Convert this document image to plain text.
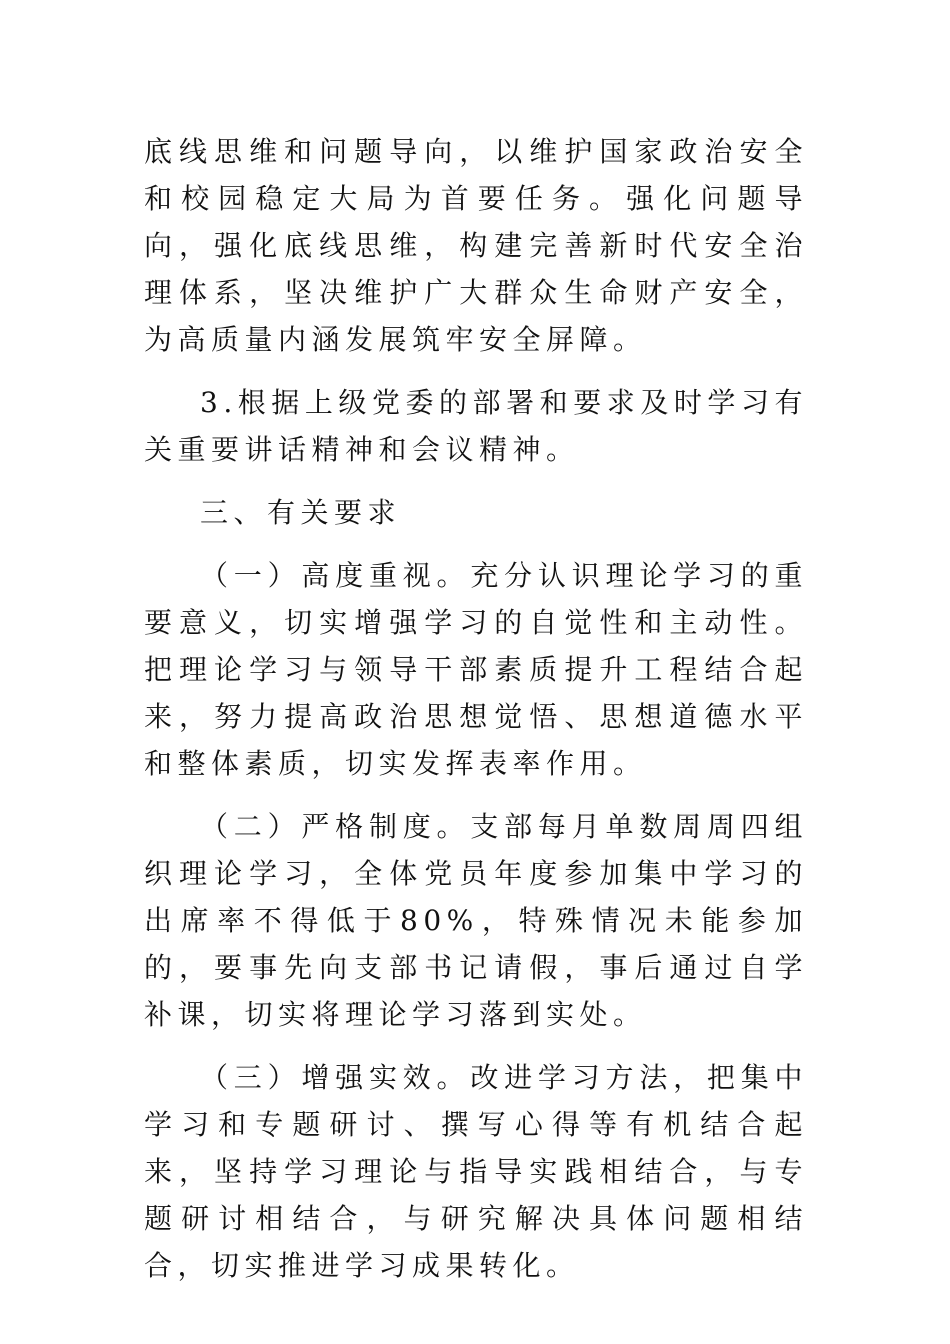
底线思维和问题导向，以维护国家政治安全和校园稳定大局为首要任务。强化问题导向，强化底线思维，构建完善新时代安全治理体系，坚决维护广大群众生命财产安全，为高质量内涵发展筑牢安全屏障。

3.根据上级党委的部署和要求及时学习有关重要讲话精神和会议精神。

三、有关要求

（一）高度重视。充分认识理论学习的重要意义，切实增强学习的自觉性和主动性。把理论学习与领导干部素质提升工程结合起来，努力提高政治思想觉悟、思想道德水平和整体素质，切实发挥表率作用。

（二）严格制度。支部每月单数周周四组织理论学习，全体党员年度参加集中学习的出席率不得低于80%，特殊情况未能参加的，要事先向支部书记请假，事后通过自学补课，切实将理论学习落到实处。

（三）增强实效。改进学习方法，把集中学习和专题研讨、撰写心得等有机结合起来，坚持学习理论与指导实践相结合，与专题研讨相结合，与研究解决具体问题相结合，切实推进学习成果转化。
